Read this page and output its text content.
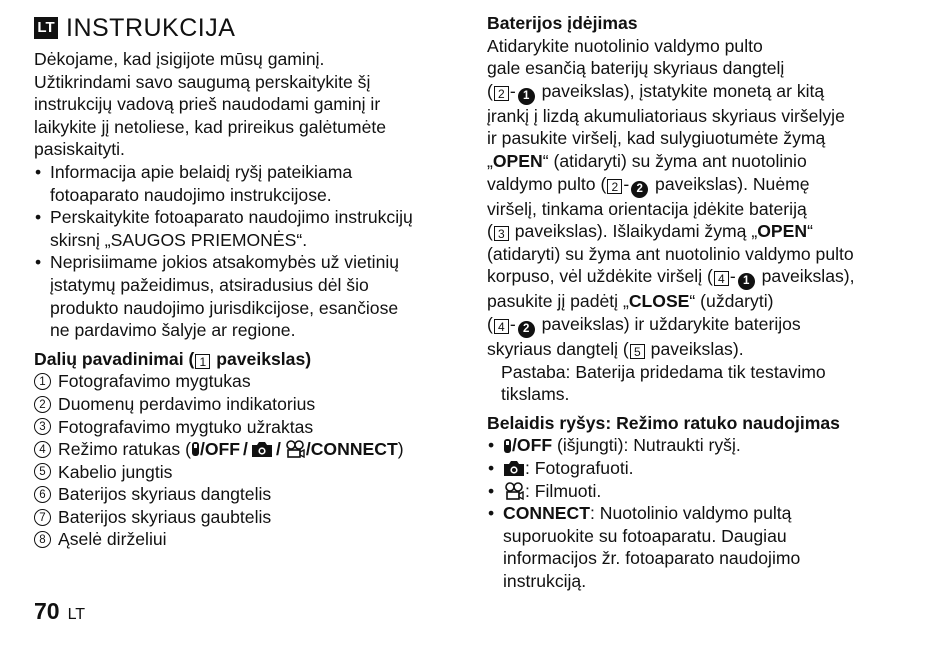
LT INSTRUKCIJA

Dėkojame, kad įsigijote mūsų gaminį.

Užtikrindami savo saugumą perskaitykite šį

instrukcijų vadovą prieš naudodami gaminį ir

laikykite jį netoliese, kad prireikus galėtumėte

pasiskaityti.

• Informacija apie belaidį ryšį pateikiama

fotoaparato naudojimo instrukcijose.

• Perskaitykite fotoaparato naudojimo instrukcijų

skirsnį „SAUGOS PRIEMONĖS“.

• Neprisiimame jokios atsakomybės už vietinių

įstatymų pažeidimus, atsiradusius dėl šio

produkto naudojimo jurisdikcijose, esančiose

ne pardavimo šalyje ar regione.

Dalių pavadinimai ( 1 paveikslas)

1 Fotografavimo mygtukas
2 Duomenų perdavimo indikatorius
3 Fotografavimo mygtuko užraktas
4 Režimo ratukas ( /OFF / / /CONNECT )
5 Kabelio jungtis
6 Baterijos skyriaus dangtelis
7 Baterijos skyriaus gaubtelis
8 Ąselė dirželiui

Baterijos įdėjimas

Atidarykite nuotolinio valdymo pulto

gale esančią baterijų skyriaus dangtelį

( 2 - 1 paveikslas), įstatykite monetą ar kitą

įrankį į lizdą akumuliatoriaus skyriaus viršelyje

ir pasukite viršelį, kad sulygiuotumėte žymą

„OPEN“ (atidaryti) su žyma ant nuotolinio

valdymo pulto ( 2 - 2 paveikslas). Nuėmę

viršelį, tinkama orientacija įdėkite bateriją

( 3 paveikslas). Išlaikydami žymą „OPEN“

(atidaryti) su žyma ant nuotolinio valdymo pulto

korpuso, vėl uždėkite viršelį ( 4 - 1 paveikslas),

pasukite jį padėtį „CLOSE“ (uždaryti)

( 4 - 2 paveikslas) ir uždarykite baterijos

skyriaus dangtelį ( 5 paveikslas).

Pastaba: Baterija pridedama tik testavimo

tikslams.

Belaidis ryšys: Režimo ratuko naudojimas

• /OFF (išjungti): Nutraukti ryšį.
• : Fotografuoti.
• : Filmuoti.

• CONNECT: Nuotolinio valdymo pultą

suporuokite su fotoaparatu. Daugiau

informacijos žr. fotoaparato naudojimo

instrukciją.

70 LT
